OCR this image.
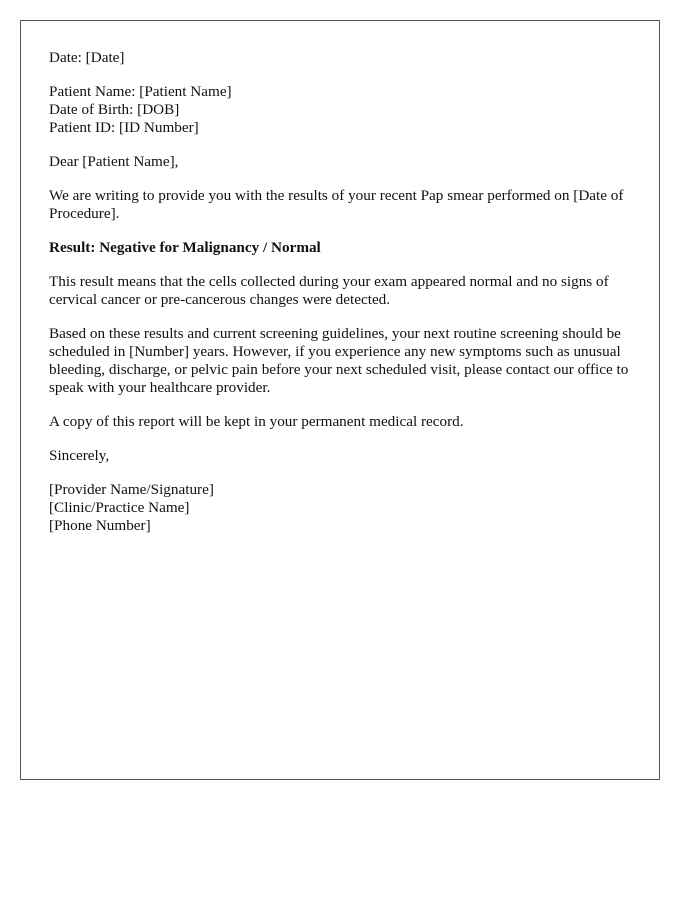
Date: [Date]

Patient Name: [Patient Name]
Date of Birth: [DOB]
Patient ID: [ID Number]

Dear [Patient Name],

We are writing to provide you with the results of your recent Pap smear performed on [Date of Procedure].

Result: Negative for Malignancy / Normal

This result means that the cells collected during your exam appeared normal and no signs of cervical cancer or pre-cancerous changes were detected.

Based on these results and current screening guidelines, your next routine screening should be scheduled in [Number] years. However, if you experience any new symptoms such as unusual bleeding, discharge, or pelvic pain before your next scheduled visit, please contact our office to speak with your healthcare provider.

A copy of this report will be kept in your permanent medical record.

Sincerely,

[Provider Name/Signature]
[Clinic/Practice Name]
[Phone Number]
